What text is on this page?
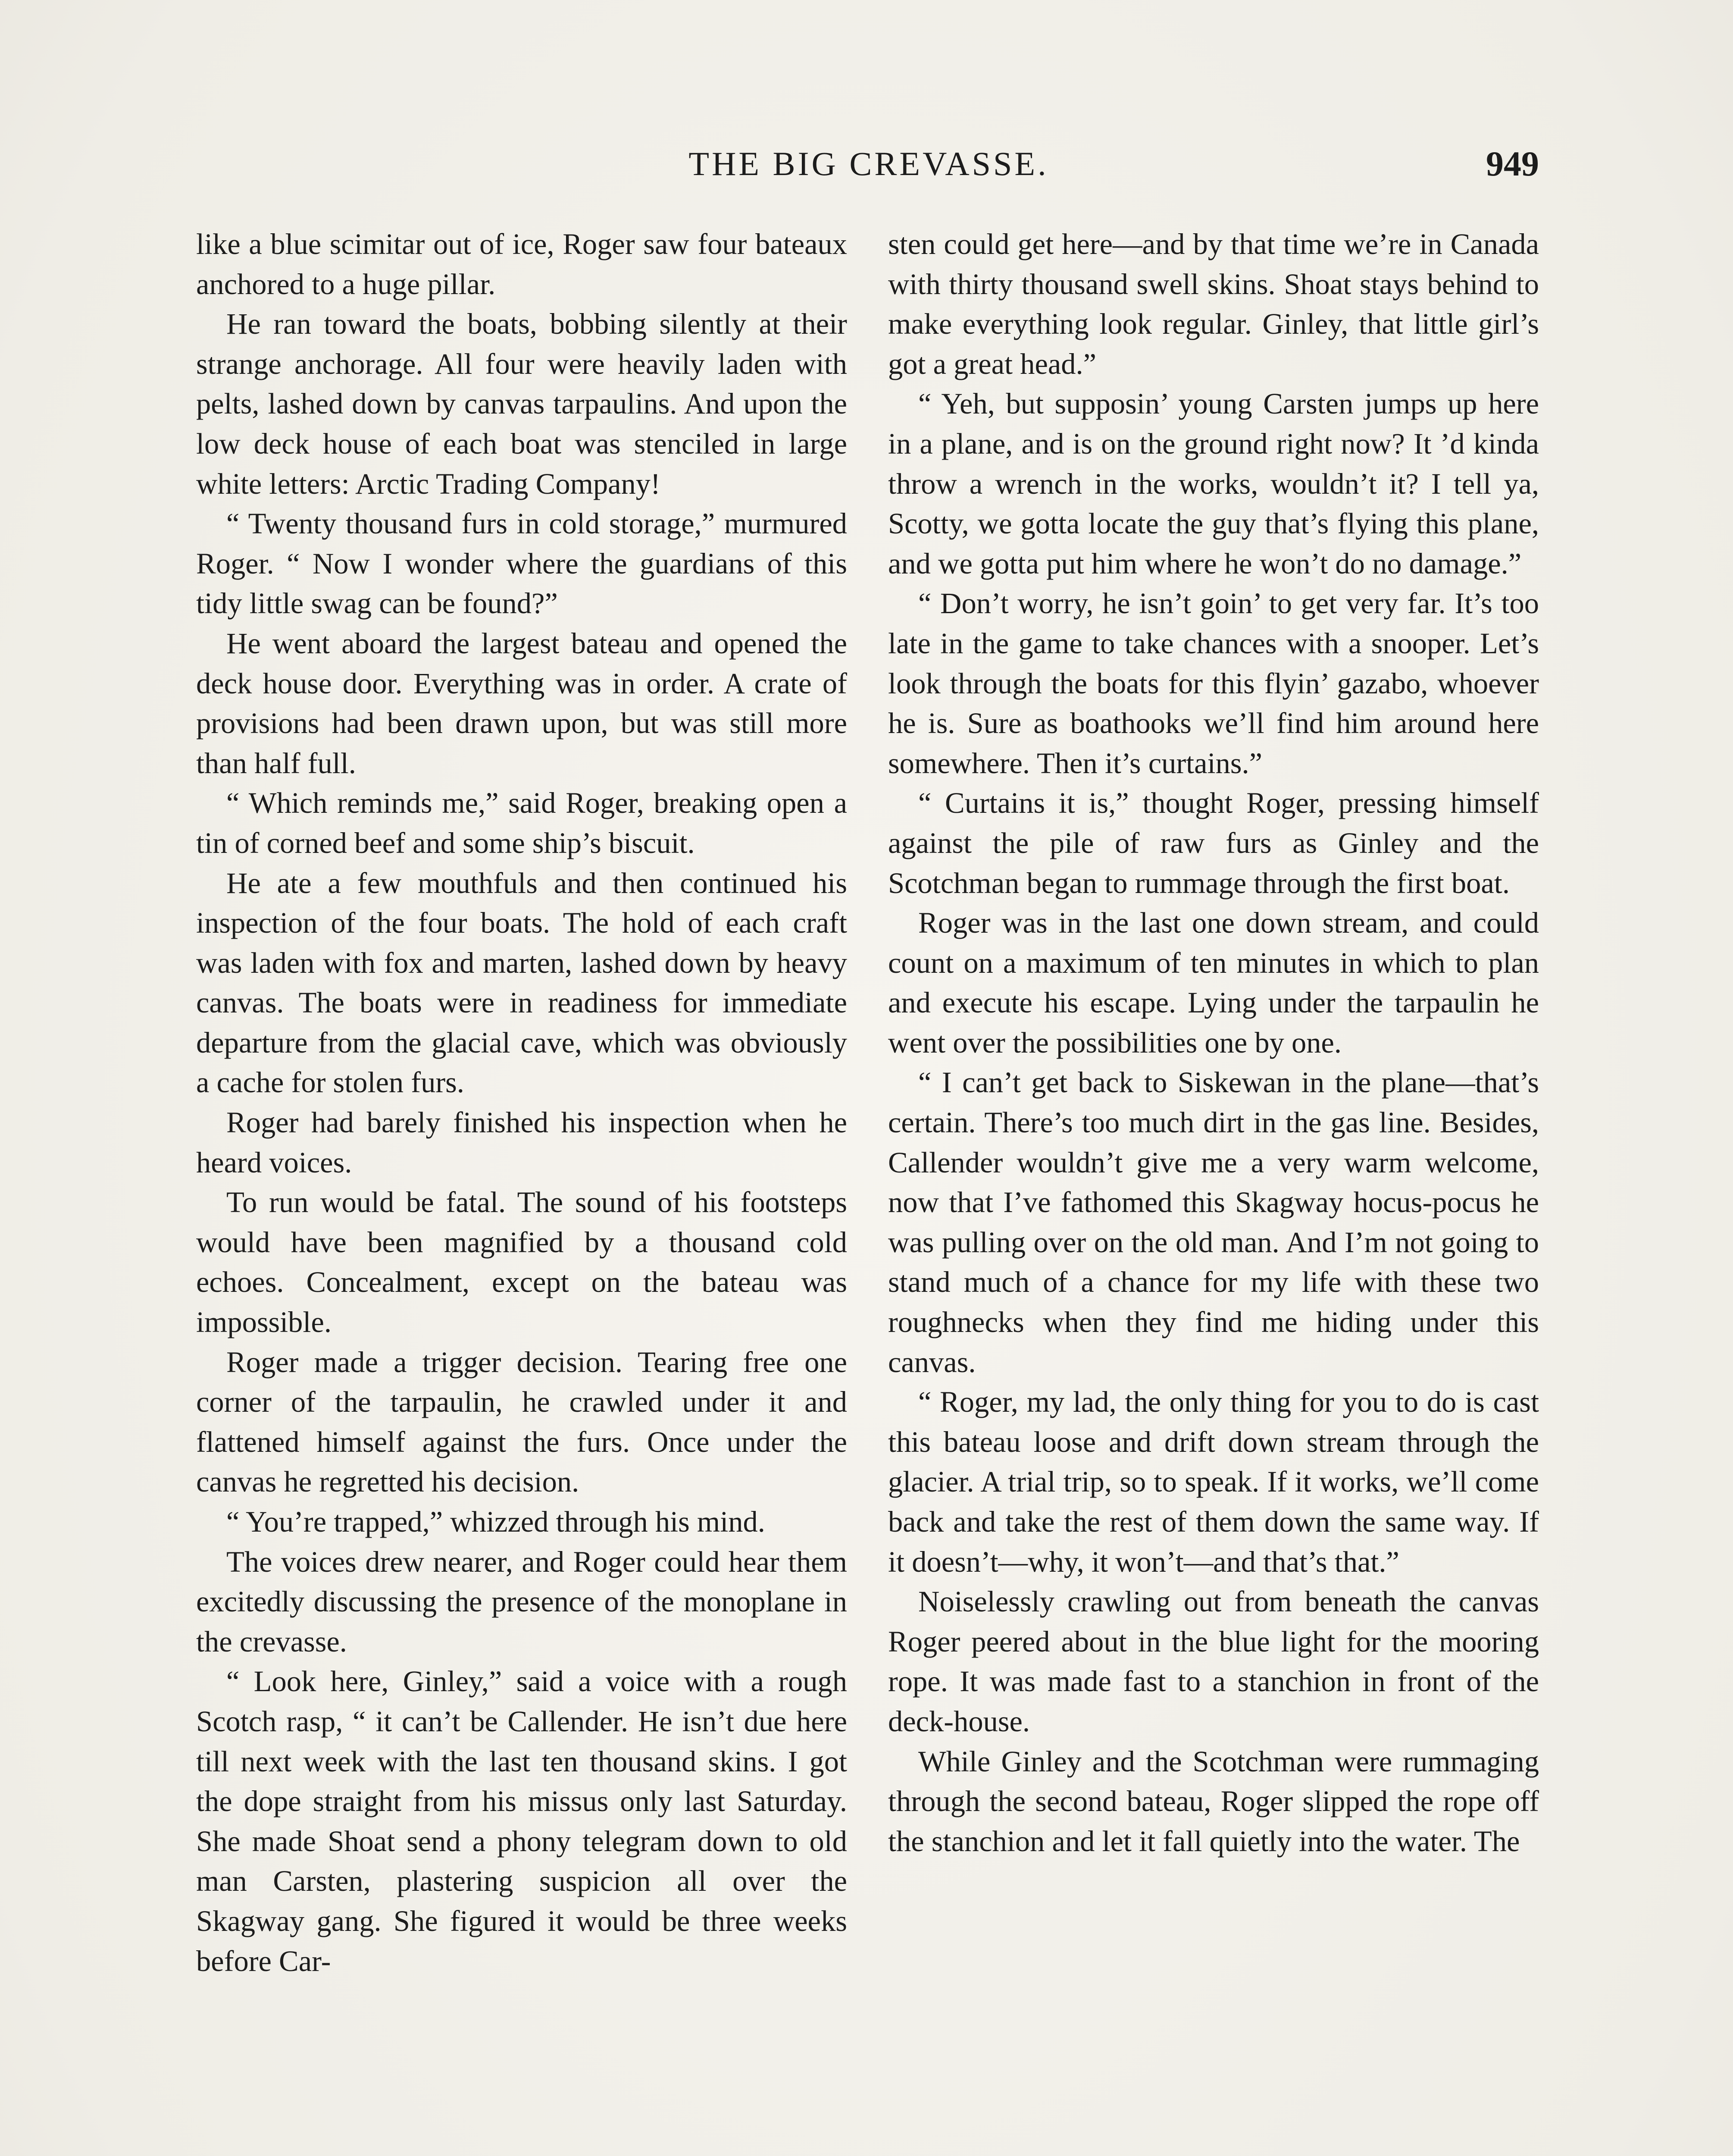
THE BIG CREVASSE.	949

like a blue scimitar out of ice, Roger saw four bateaux anchored to a huge pillar.

He ran toward the boats, bobbing silently at their strange anchorage. All four were heavily laden with pelts, lashed down by canvas tarpaulins. And upon the low deck house of each boat was stenciled in large white letters: Arctic Trading Company!

“ Twenty thousand furs in cold storage,” murmured Roger. “ Now I wonder where the guardians of this tidy little swag can be found?”

He went aboard the largest bateau and opened the deck house door. Everything was in order. A crate of provisions had been drawn upon, but was still more than half full.

“ Which reminds me,” said Roger, breaking open a tin of corned beef and some ship’s biscuit.

He ate a few mouthfuls and then continued his inspection of the four boats. The hold of each craft was laden with fox and marten, lashed down by heavy canvas. The boats were in readiness for immediate departure from the glacial cave, which was obviously a cache for stolen furs.

Roger had barely finished his inspection when he heard voices.

To run would be fatal. The sound of his footsteps would have been magnified by a thousand cold echoes. Concealment, except on the bateau was impossible.

Roger made a trigger decision. Tearing free one corner of the tarpaulin, he crawled under it and flattened himself against the furs. Once under the canvas he regretted his decision.

“ You’re trapped,” whizzed through his mind.

The voices drew nearer, and Roger could hear them excitedly discussing the presence of the monoplane in the crevasse.

“ Look here, Ginley,” said a voice with a rough Scotch rasp, “ it can’t be Callender. He isn’t due here till next week with the last ten thousand skins. I got the dope straight from his missus only last Saturday. She made Shoat send a phony telegram down to old man Carsten, plastering suspicion all over the Skagway gang. She figured it would be three weeks before Car-

sten could get here—and by that time we’re in Canada with thirty thousand swell skins. Shoat stays behind to make everything look regular. Ginley, that little girl’s got a great head.”

“ Yeh, but supposin’ young Carsten jumps up here in a plane, and is on the ground right now? It ’d kinda throw a wrench in the works, wouldn’t it? I tell ya, Scotty, we gotta locate the guy that’s flying this plane, and we gotta put him where he won’t do no damage.”

“ Don’t worry, he isn’t goin’ to get very far. It’s too late in the game to take chances with a snooper. Let’s look through the boats for this flyin’ gazabo, whoever he is. Sure as boathooks we’ll find him around here somewhere. Then it’s curtains.”

“ Curtains it is,” thought Roger, pressing himself against the pile of raw furs as Ginley and the Scotchman began to rummage through the first boat.

Roger was in the last one down stream, and could count on a maximum of ten minutes in which to plan and execute his escape. Lying under the tarpaulin he went over the possibilities one by one.

“ I can’t get back to Siskewan in the plane—that’s certain. There’s too much dirt in the gas line. Besides, Callender wouldn’t give me a very warm welcome, now that I’ve fathomed this Skagway hocus-pocus he was pulling over on the old man. And I’m not going to stand much of a chance for my life with these two roughnecks when they find me hiding under this canvas.

“ Roger, my lad, the only thing for you to do is cast this bateau loose and drift down stream through the glacier. A trial trip, so to speak. If it works, we’ll come back and take the rest of them down the same way. If it doesn’t—why, it won’t—and that’s that.”

Noiselessly crawling out from beneath the canvas Roger peered about in the blue light for the mooring rope. It was made fast to a stanchion in front of the deck-house.

While Ginley and the Scotchman were rummaging through the second bateau, Roger slipped the rope off the stanchion and let it fall quietly into the water. The
